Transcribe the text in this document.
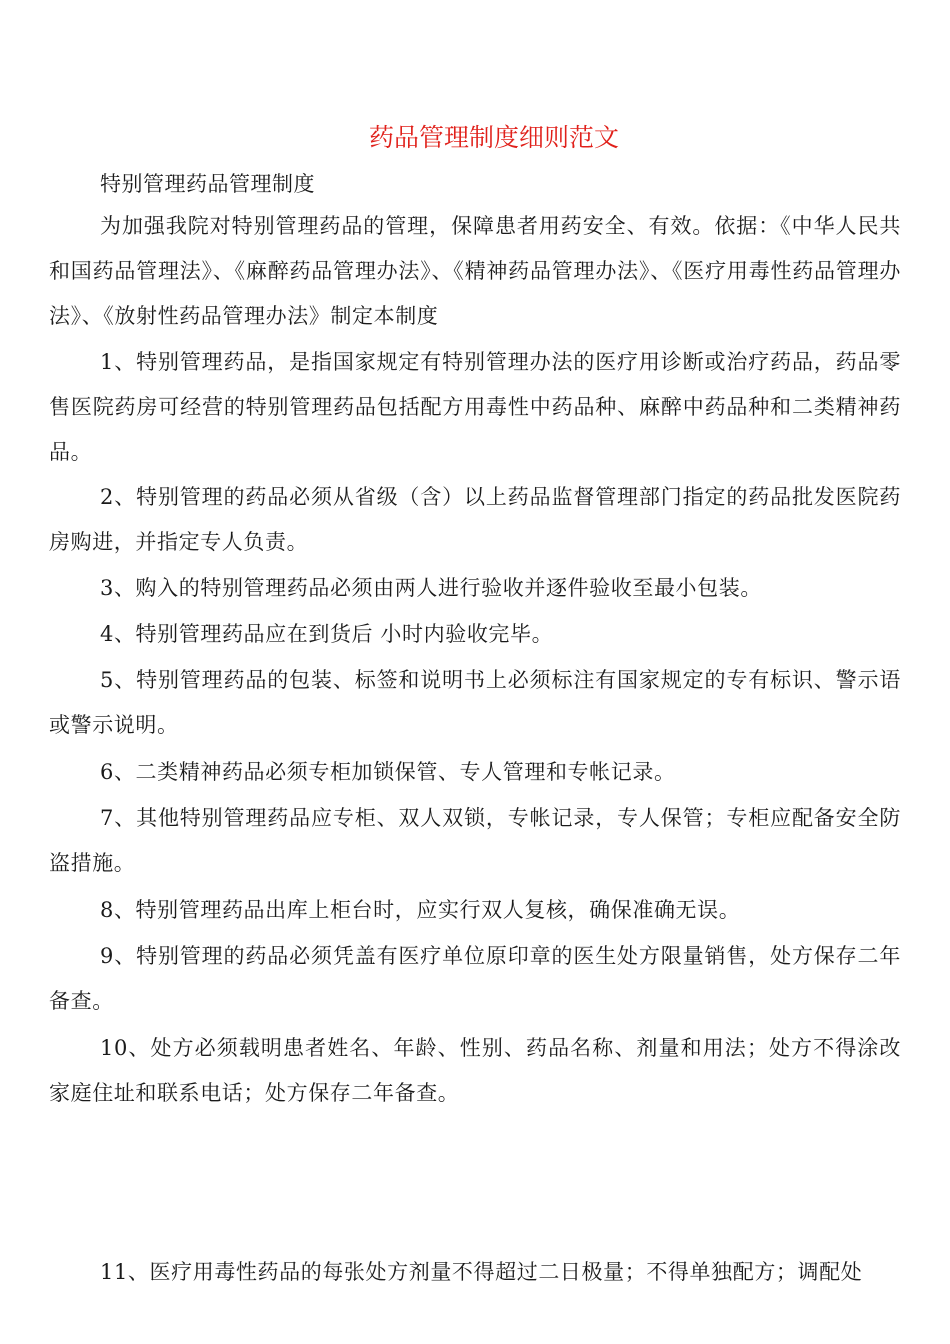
药品管理制度细则范文
特别管理药品管理制度

为加强我院对特别管理药品的管理，保障患者用药安全、有效。依据：《中华人民共和国药品管理法》、《麻醉药品管理办法》、《精神药品管理办法》、《医疗用毒性药品管理办法》、《放射性药品管理办法》制定本制度

1、特别管理药品，是指国家规定有特别管理办法的医疗用诊断或治疗药品，药品零售医院药房可经营的特别管理药品包括配方用毒性中药品种、麻醉中药品种和二类精神药品。

2、特别管理的药品必须从省级（含）以上药品监督管理部门指定的药品批发医院药房购进，并指定专人负责。

3、购入的特别管理药品必须由两人进行验收并逐件验收至最小包装。

4、特别管理药品应在到货后 小时内验收完毕。

5、特别管理药品的包装、标签和说明书上必须标注有国家规定的专有标识、警示语或警示说明。

6、二类精神药品必须专柜加锁保管、专人管理和专帐记录。

7、其他特别管理药品应专柜、双人双锁，专帐记录，专人保管；专柜应配备安全防盗措施。

8、特别管理药品出库上柜台时，应实行双人复核，确保准确无误。

9、特别管理的药品必须凭盖有医疗单位原印章的医生处方限量销售，处方保存二年备查。

10、处方必须载明患者姓名、年龄、性别、药品名称、剂量和用法；处方不得涂改家庭住址和联系电话；处方保存二年备查。

11、医疗用毒性药品的每张处方剂量不得超过二日极量；不得单独配方；调配处
